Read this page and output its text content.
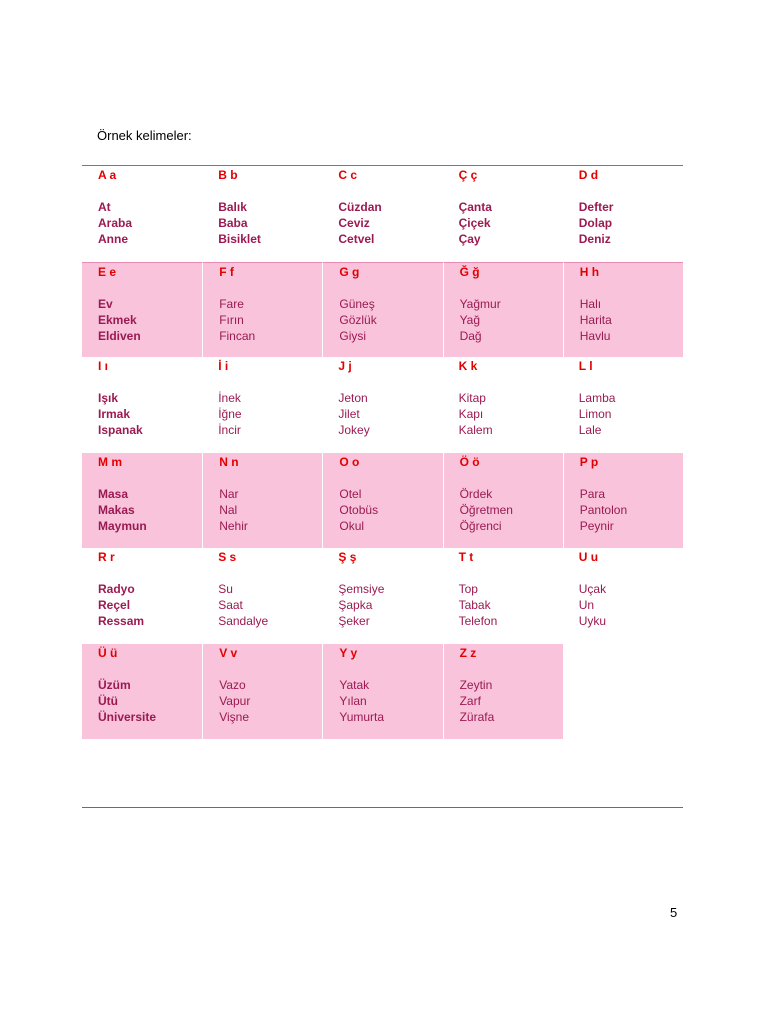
Örnek kelimeler:

A a
At
Araba
Anne
B b
Balık
Baba
Bisiklet
C c
Cüzdan
Ceviz
Cetvel
Ç ç
Çanta
Çiçek
Çay
D d
Defter
Dolap
Deniz
E e
Ev
Ekmek
Eldiven
F f
Fare
Fırın
Fincan
G g
Güneş
Gözlük
Giysi
Ğ ğ
Yağmur
Yağ
Dağ
H h
Halı
Harita
Havlu
I ı
Işık
Irmak
Ispanak
İ i
İnek
İğne
İncir
J j
Jeton
Jilet
Jokey
K k
Kitap
Kapı
Kalem
L l
Lamba
Limon
Lale
M m
Masa
Makas
Maymun
N n
Nar
Nal
Nehir
O o
Otel
Otobüs
Okul
Ö ö
Ördek
Öğretmen
Öğrenci
P p
Para
Pantolon
Peynir
R r
Radyo
Reçel
Ressam
S s
Su
Saat
Sandalye
Ş ş
Şemsiye
Şapka
Şeker
T t
Top
Tabak
Telefon
U u
Uçak
Un
Uyku
Ü ü
Üzüm
Ütü
Üniversite
V v
Vazo
Vapur
Vişne
Y y
Yatak
Yılan
Yumurta
Z z
Zeytin
Zarf
Zürafa

5
